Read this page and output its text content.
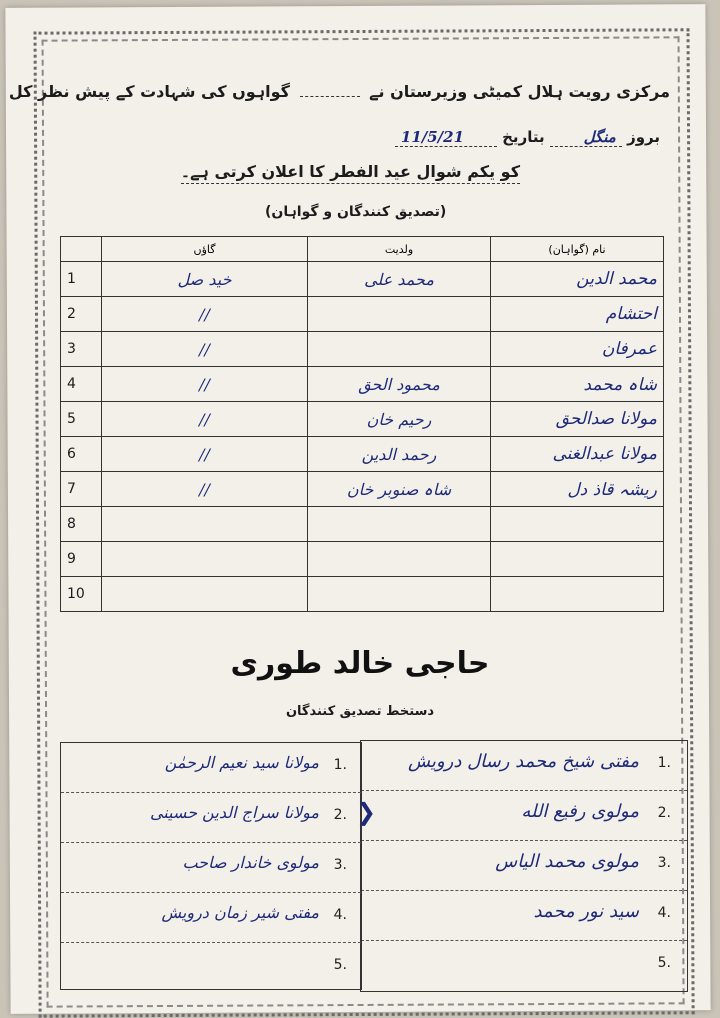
مرکزی رویت ہلال کمیٹی وزیرستان نے  گواہوں کی شہادت کے پیش نظر کل
بروز منگل بتاریخ 11/5/21
کو یکم شوال عید الفطر کا اعلان کرتی ہے۔
(تصدیق کنندگان و گواہان)
نام (گواہان)	ولدیت	گاؤں	
محمد الدین	محمد علی	خید صل	1
احتشام		//	2
عمرفان		//	3
شاہ محمد	محمود الحق	//	4
مولانا صدالحق	رحیم خان	//	5
مولانا عبدالغنی	رحمد الدین	//	6
ریشہ قاذ دل	شاہ صنوبر خان	//	7
			8
			9
			10
حاجی خالد طوری
دستخط تصدیق کنندگان
1.
مفتی شیخ محمد رسال درویش
2.
مولوی رفیع الله
3.
مولوی محمد الیاس
4.
سید نور محمد
5.
1.
مولانا سید نعیم الرحمٰن
2.
مولانا سراج الدین حسینی
3.
مولوی خاندار صاحب
4.
مفتی شیر زمان درویش
5.
❯
